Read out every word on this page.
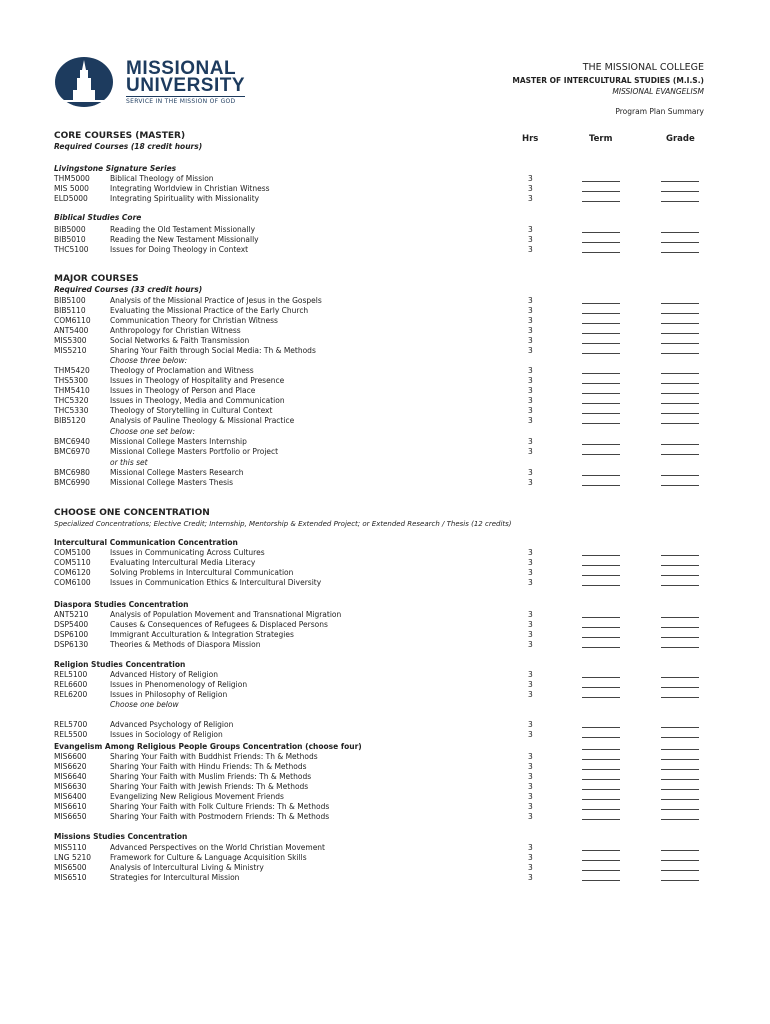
MISSIONAL
UNIVERSITY
SERVICE IN THE MISSION OF GOD
THE MISSIONAL COLLEGE
MASTER OF INTERCULTURAL STUDIES (M.I.S.)
MISSIONAL EVANGELISM
Program Plan Summary
Hrs	Term	Grade
CORE COURSES (MASTER)
Required Courses (18 credit hours)
Livingstone Signature Series
THM5000	Biblical Theology of Mission	3
MIS 5000	Integrating Worldview in Christian Witness	3
ELD5000	Integrating Spirituality with Missionality	3
Biblical Studies Core
BIB5000	Reading the Old Testament Missionally	3
BIB5010	Reading the New Testament Missionally	3
THC5100	Issues for Doing Theology in Context	3
MAJOR COURSES
Required Courses (33 credit hours)
BIB5100	Analysis of the Missional Practice of Jesus in the Gospels	3
BIB5110	Evaluating the Missional Practice of the Early Church	3
COM6110	Communication Theory for Christian Witness	3
ANT5400	Anthropology for Christian Witness	3
MIS5300	Social Networks & Faith Transmission	3
MIS5210	Sharing Your Faith through Social Media: Th & Methods	3
Choose three below:
THM5420	Theology of Proclamation and Witness	3
THS5300	Issues in Theology of Hospitality and Presence	3
THM5410	Issues in Theology of Person and Place	3
THC5320	Issues in Theology, Media and Communication	3
THC5330	Theology of Storytelling in Cultural Context	3
BIB5120	Analysis of Pauline Theology & Missional Practice	3
Choose one set below:
BMC6940	Missional College Masters Internship	3
BMC6970	Missional College Masters Portfolio or Project	3
or this set
BMC6980	Missional College Masters Research	3
BMC6990	Missional College Masters Thesis	3
CHOOSE ONE CONCENTRATION
Specialized Concentrations; Elective Credit; Internship, Mentorship & Extended Project; or Extended Research / Thesis (12 credits)
Intercultural Communication Concentration
COM5100	Issues in Communicating Across Cultures	3
COM5110	Evaluating Intercultural Media Literacy	3
COM6120	Solving Problems in Intercultural Communication	3
COM6100	Issues in Communication Ethics & Intercultural Diversity	3
Diaspora Studies Concentration
ANT5210	Analysis of Population Movement and Transnational Migration	3
DSP5400	Causes & Consequences of Refugees & Displaced Persons	3
DSP6100	Immigrant Acculturation & Integration Strategies	3
DSP6130	Theories & Methods of Diaspora Mission	3
Religion Studies Concentration
REL5100	Advanced History of Religion	3
REL6600	Issues in Phenomenology of Religion	3
REL6200	Issues in Philosophy of Religion	3
REL5700	Advanced Psychology of Religion	3
REL5500	Issues in Sociology of Religion	3
Choose one below
Evangelism Among Religious People Groups Concentration (choose four)
MIS6600	Sharing Your Faith with Buddhist Friends: Th & Methods	3
MIS6620	Sharing Your Faith with Hindu Friends: Th & Methods	3
MIS6640	Sharing Your Faith with Muslim Friends: Th & Methods	3
MIS6630	Sharing Your Faith with Jewish Friends: Th & Methods	3
MIS6400	Evangelizing New Religious Movement Friends	3
MIS6610	Sharing Your Faith with Folk Culture Friends: Th & Methods	3
MIS6650	Sharing Your Faith with Postmodern Friends: Th & Methods	3
Missions Studies Concentration
MIS5110	Advanced Perspectives on the World Christian Movement	3
LNG 5210	Framework for Culture & Language Acquisition Skills	3
MIS6500	Analysis of Intercultural Living & Ministry	3
MIS6510	Strategies for Intercultural Mission	3
